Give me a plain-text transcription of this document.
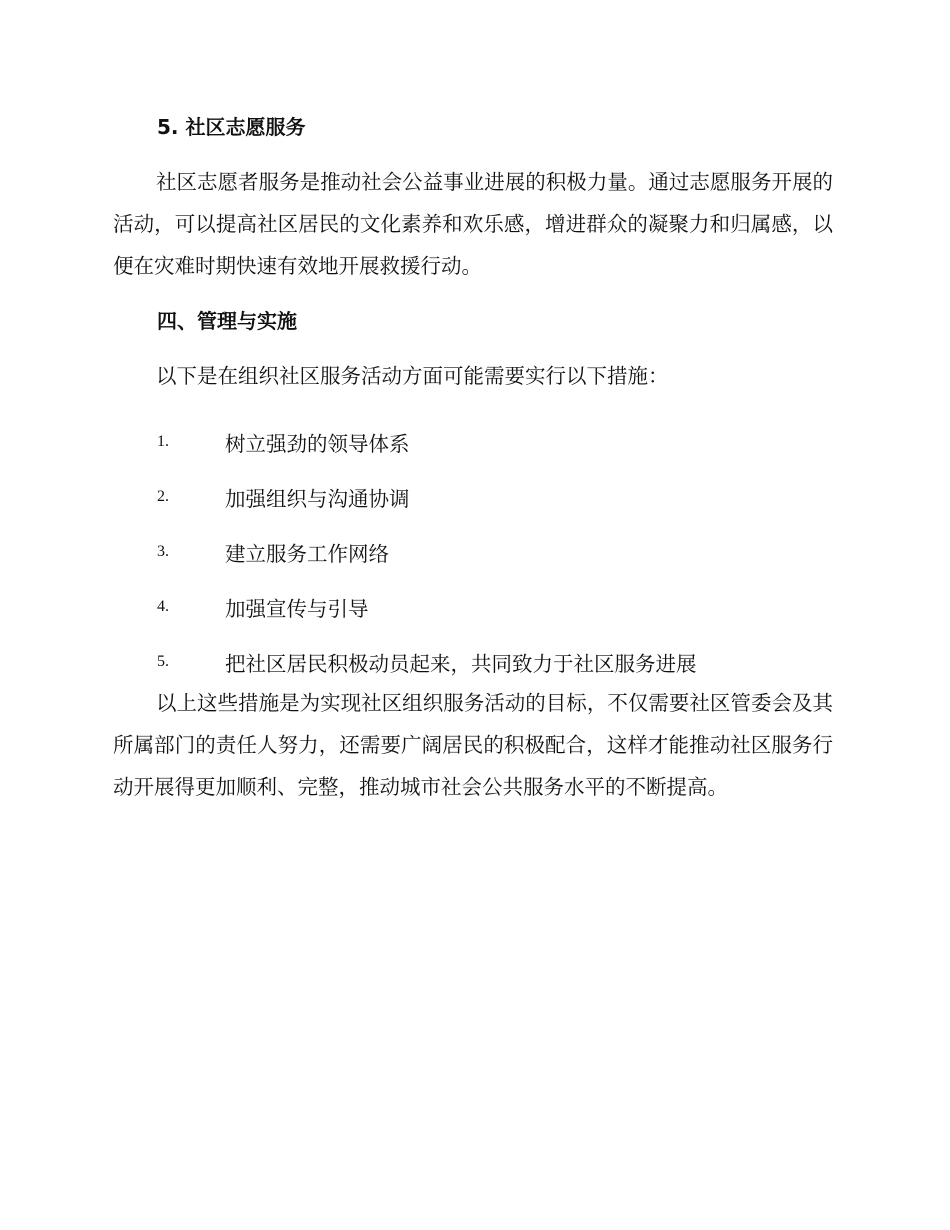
5. 社区志愿服务

社区志愿者服务是推动社会公益事业进展的积极力量。通过志愿服务开展的活动，可以提高社区居民的文化素养和欢乐感，增进群众的凝聚力和归属感，以便在灾难时期快速有效地开展救援行动。

四、管理与实施

以下是在组织社区服务活动方面可能需要实行以下措施：

1.	树立强劲的领导体系
2.	加强组织与沟通协调
3.	建立服务工作网络
4.	加强宣传与引导
5.	把社区居民积极动员起来，共同致力于社区服务进展

以上这些措施是为实现社区组织服务活动的目标，不仅需要社区管委会及其所属部门的责任人努力，还需要广阔居民的积极配合，这样才能推动社区服务行动开展得更加顺利、完整，推动城市社会公共服务水平的不断提高。
